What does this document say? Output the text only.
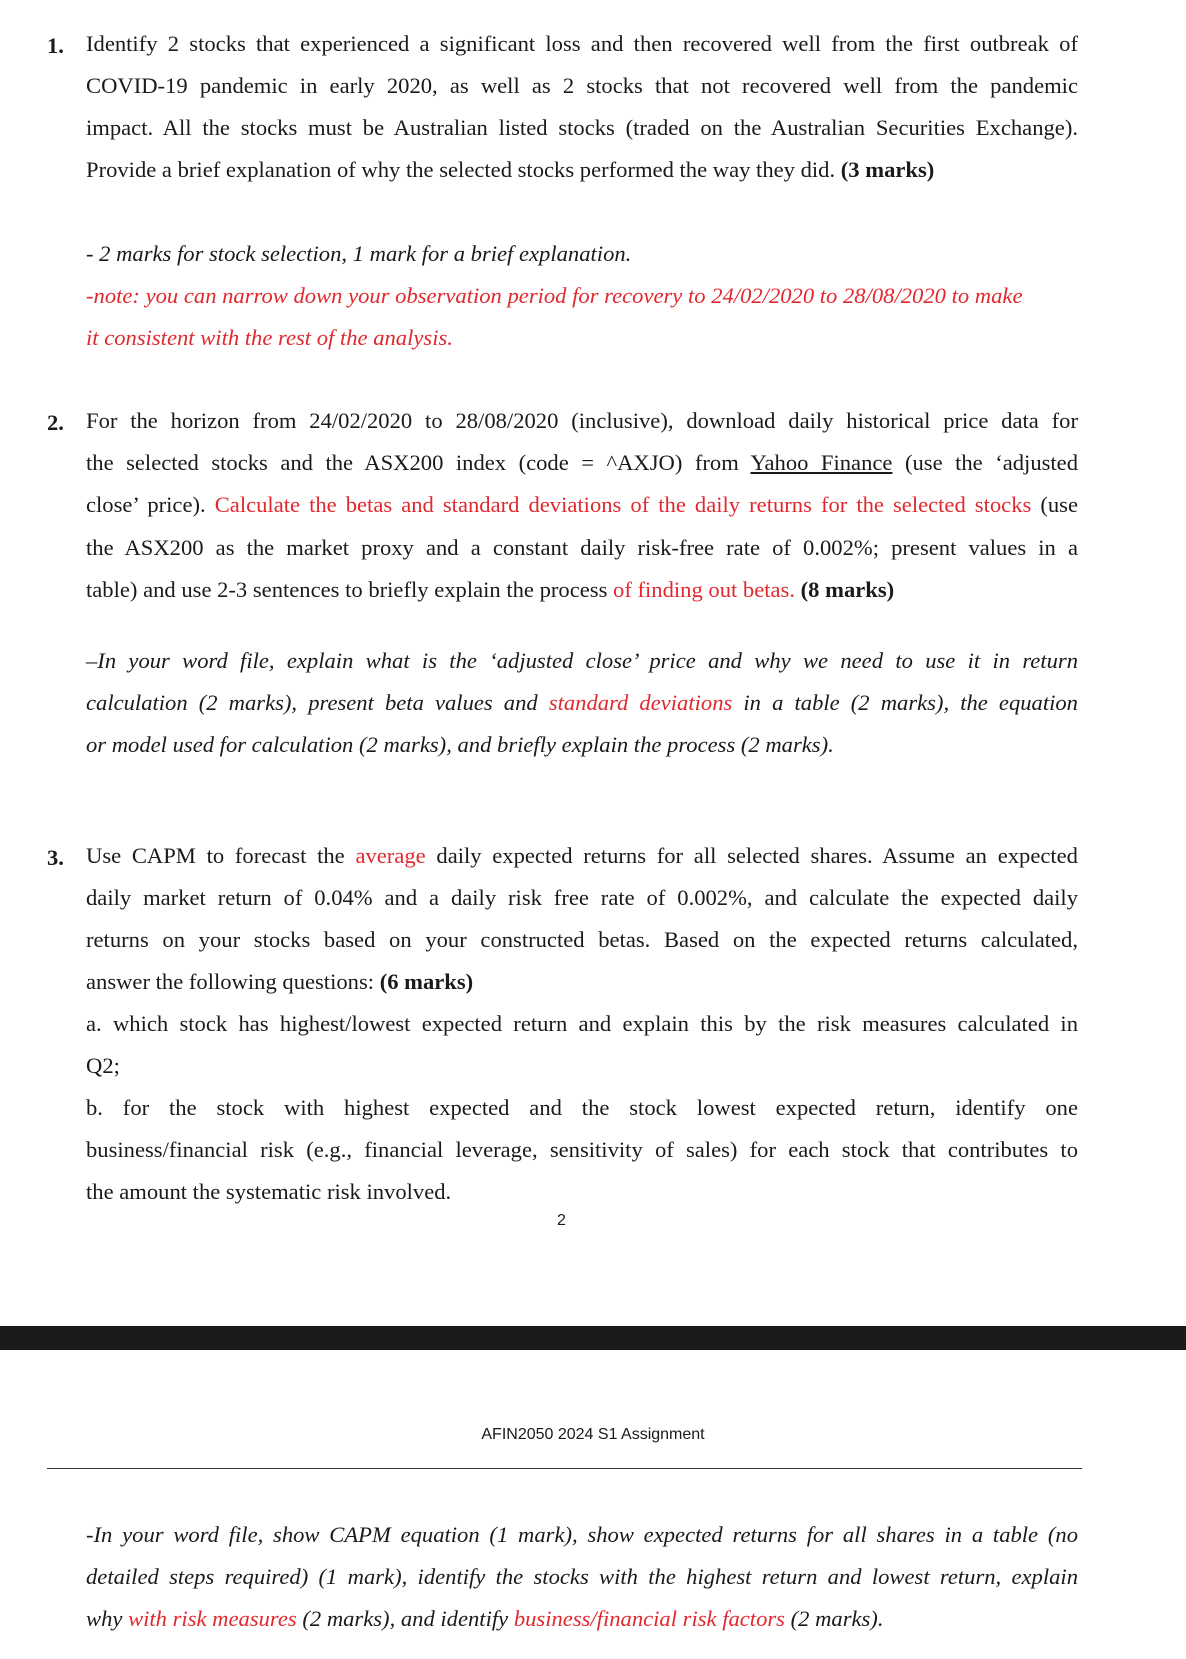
1. Identify 2 stocks that experienced a significant loss and then recovered well from the first outbreak of
COVID-19 pandemic in early 2020, as well as 2 stocks that not recovered well from the pandemic
impact. All the stocks must be Australian listed stocks (traded on the Australian Securities Exchange).
Provide a brief explanation of why the selected stocks performed the way they did. (3 marks)
- 2 marks for stock selection, 1 mark for a brief explanation.
-note: you can narrow down your observation period for recovery to 24/02/2020 to 28/08/2020 to make
it consistent with the rest of the analysis.
2. For the horizon from 24/02/2020 to 28/08/2020 (inclusive), download daily historical price data for
the selected stocks and the ASX200 index (code = ^AXJO) from Yahoo Finance (use the ‘adjusted
close’ price). Calculate the betas and standard deviations of the daily returns for the selected stocks (use
the ASX200 as the market proxy and a constant daily risk-free rate of 0.002%; present values in a
table) and use 2-3 sentences to briefly explain the process of finding out betas. (8 marks)
–In your word file, explain what is the ‘adjusted close’ price and why we need to use it in return
calculation (2 marks), present beta values and standard deviations in a table (2 marks), the equation
or model used for calculation (2 marks), and briefly explain the process (2 marks).
3. Use CAPM to forecast the average daily expected returns for all selected shares. Assume an expected
daily market return of 0.04% and a daily risk free rate of 0.002%, and calculate the expected daily
returns on your stocks based on your constructed betas. Based on the expected returns calculated,
answer the following questions: (6 marks)
a. which stock has highest/lowest expected return and explain this by the risk measures calculated in
Q2;
b. for the stock with highest expected and the stock lowest expected return, identify one
business/financial risk (e.g., financial leverage, sensitivity of sales) for each stock that contributes to
the amount the systematic risk involved.
2
AFIN2050 2024 S1 Assignment
-In your word file, show CAPM equation (1 mark), show expected returns for all shares in a table (no
detailed steps required) (1 mark), identify the stocks with the highest return and lowest return, explain
why with risk measures (2 marks), and identify business/financial risk factors (2 marks).
